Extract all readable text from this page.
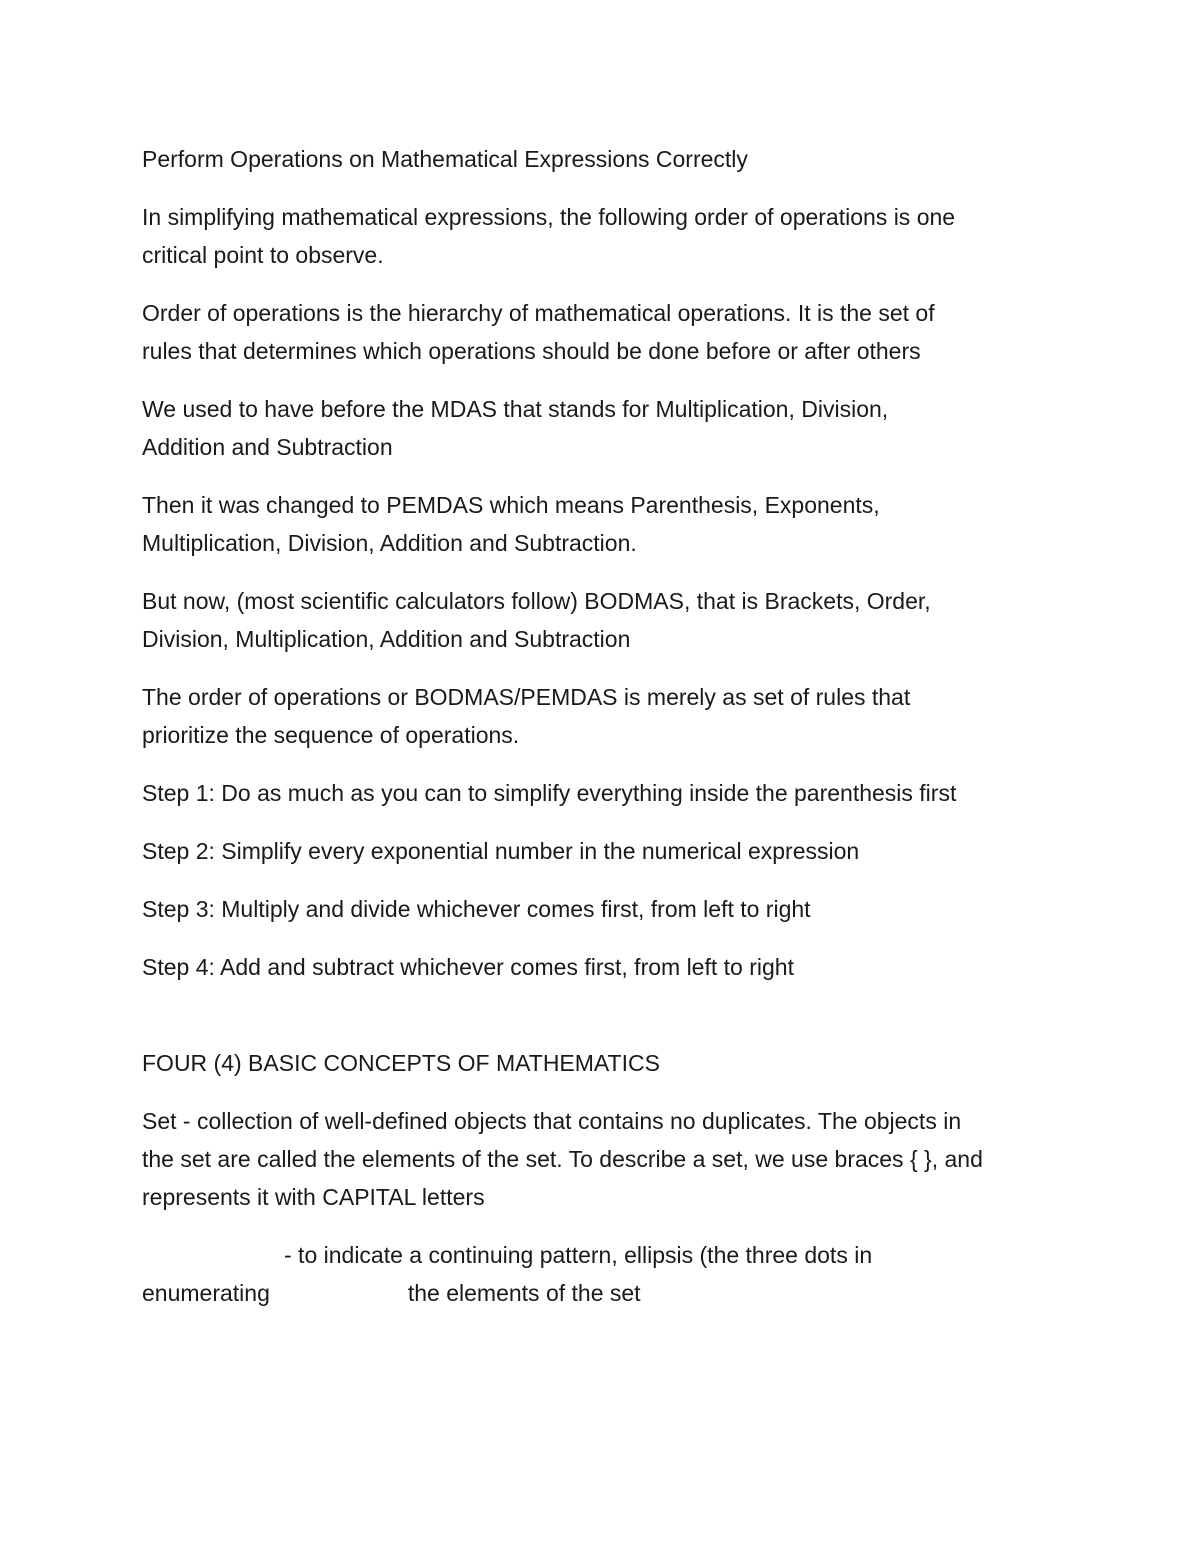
Perform Operations on Mathematical Expressions Correctly

In simplifying mathematical expressions, the following order of operations is one
critical point to observe.

Order of operations is the hierarchy of mathematical operations. It is the set of
rules that determines which operations should be done before or after others

We used to have before the MDAS that stands for Multiplication, Division,
Addition and Subtraction

Then it was changed to PEMDAS which means Parenthesis, Exponents,
Multiplication, Division, Addition and Subtraction.

But now, (most scientific calculators follow) BODMAS, that is Brackets, Order,
Division, Multiplication, Addition and Subtraction

The order of operations or BODMAS/PEMDAS is merely as set of rules that
prioritize the sequence of operations.

Step 1: Do as much as you can to simplify everything inside the parenthesis first

Step 2: Simplify every exponential number in the numerical expression

Step 3: Multiply and divide whichever comes first, from left to right

Step 4: Add and subtract whichever comes first, from left to right

FOUR (4) BASIC CONCEPTS OF MATHEMATICS

Set - collection of well-defined objects that contains no duplicates. The objects in
the set are called the elements of the set. To describe a set, we use braces { }, and
represents it with CAPITAL letters

- to indicate a continuing pattern, ellipsis (the three dots in
enumerating	the elements of the set
